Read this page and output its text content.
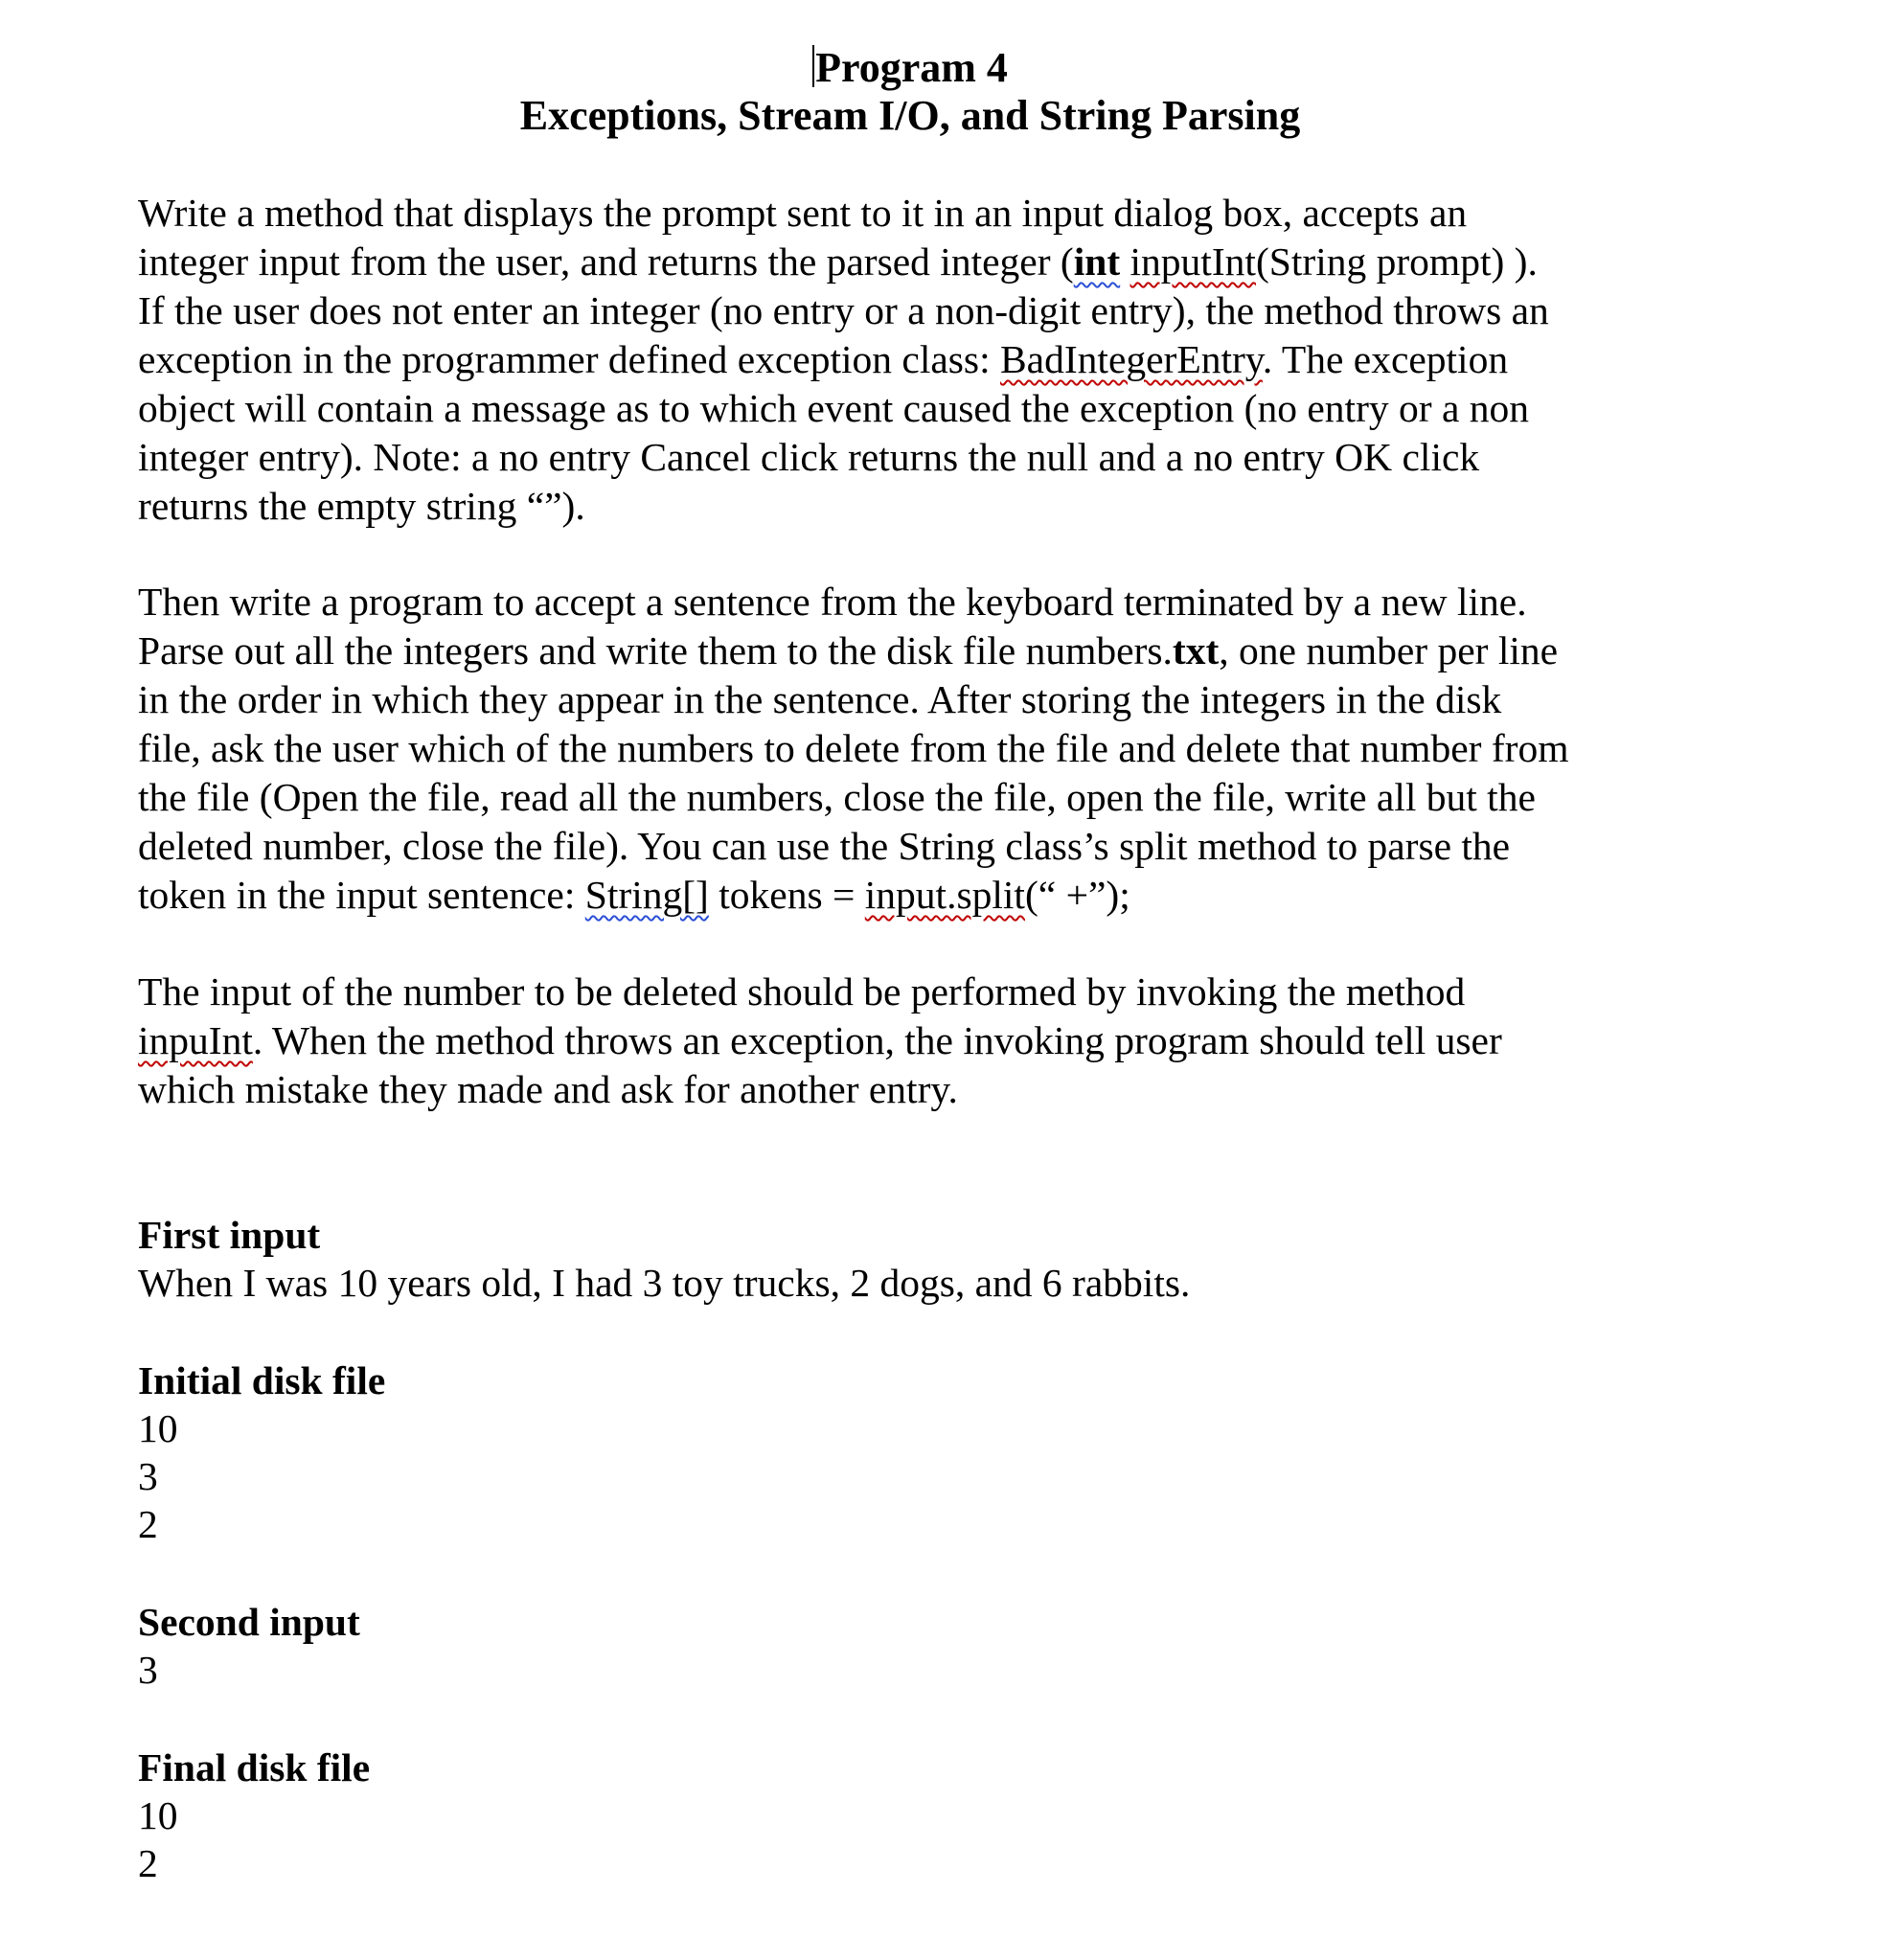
Program 4
Exceptions, Stream I/O, and String Parsing

Write a method that displays the prompt sent to it in an input dialog box, accepts an

integer input from the user, and returns the parsed integer (int inputInt(String prompt) ).

If the user does not enter an integer (no entry or a non-digit entry), the method throws an

exception in the programmer defined exception class: BadIntegerEntry. The exception

object will contain a message as to which event caused the exception (no entry or a non

integer entry). Note: a no entry Cancel click returns the null and a no entry OK click

returns the empty string “”).

Then write a program to accept a sentence from the keyboard terminated by a new line.

Parse out all the integers and write them to the disk file numbers.txt, one number per line

in the order in which they appear in the sentence. After storing the integers in the disk

file, ask the user which of the numbers to delete from the file and delete that number from

the file (Open the file, read all the numbers, close the file, open the file, write all but the

deleted number, close the file). You can use the String class’s split method to parse the

token in the input sentence: String[] tokens = input.split(“ +”);

The input of the number to be deleted should be performed by invoking the method

inpuInt. When the method throws an exception, the invoking program should tell user

which mistake they made and ask for another entry.

First input
When I was 10 years old, I had 3 toy trucks, 2 dogs, and 6 rabbits.
Initial disk file
10
3
2
Second input
3
Final disk file
10
2
